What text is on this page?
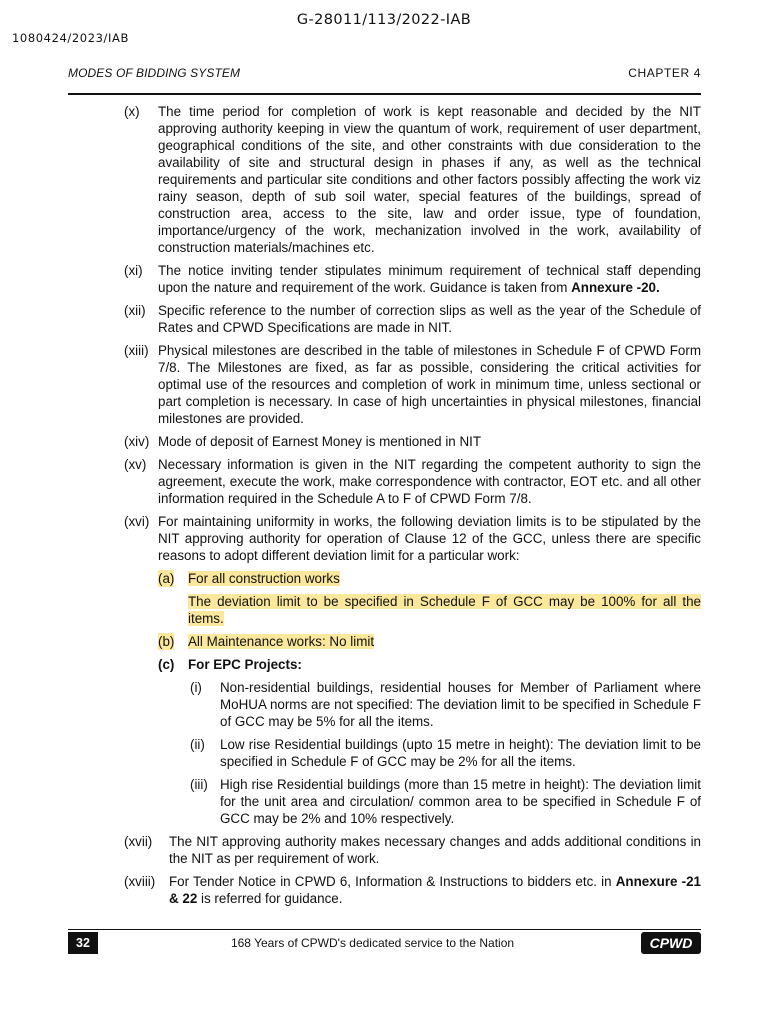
G-28011/113/2022-IAB
1080424/2023/IAB
MODES OF BIDDING SYSTEM	CHAPTER 4
(x) The time period for completion of work is kept reasonable and decided by the NIT approving authority keeping in view the quantum of work, requirement of user department, geographical conditions of the site, and other constraints with due consideration to the availability of site and structural design in phases if any, as well as the technical requirements and particular site conditions and other factors possibly affecting the work viz rainy season, depth of sub soil water, special features of the buildings, spread of construction area, access to the site, law and order issue, type of foundation, importance/urgency of the work, mechanization involved in the work, availability of construction materials/machines etc.
(xi) The notice inviting tender stipulates minimum requirement of technical staff depending upon the nature and requirement of the work. Guidance is taken from Annexure -20.
(xii) Specific reference to the number of correction slips as well as the year of the Schedule of Rates and CPWD Specifications are made in NIT.
(xiii) Physical milestones are described in the table of milestones in Schedule F of CPWD Form 7/8. The Milestones are fixed, as far as possible, considering the critical activities for optimal use of the resources and completion of work in minimum time, unless sectional or part completion is necessary. In case of high uncertainties in physical milestones, financial milestones are provided.
(xiv) Mode of deposit of Earnest Money is mentioned in NIT
(xv) Necessary information is given in the NIT regarding the competent authority to sign the agreement, execute the work, make correspondence with contractor, EOT etc. and all other information required in the Schedule A to F of CPWD Form 7/8.
(xvi) For maintaining uniformity in works, the following deviation limits is to be stipulated by the NIT approving authority for operation of Clause 12 of the GCC, unless there are specific reasons to adopt different deviation limit for a particular work:
(a) For all construction works
The deviation limit to be specified in Schedule F of GCC may be 100% for all the items.
(b) All Maintenance works: No limit
(c) For EPC Projects:
(i) Non-residential buildings, residential houses for Member of Parliament where MoHUA norms are not specified: The deviation limit to be specified in Schedule F of GCC may be 5% for all the items.
(ii) Low rise Residential buildings (upto 15 metre in height): The deviation limit to be specified in Schedule F of GCC may be 2% for all the items.
(iii) High rise Residential buildings (more than 15 metre in height): The deviation limit for the unit area and circulation/ common area to be specified in Schedule F of GCC may be 2% and 10% respectively.
(xvii) The NIT approving authority makes necessary changes and adds additional conditions in the NIT as per requirement of work.
(xviii) For Tender Notice in CPWD 6, Information & Instructions to bidders etc. in Annexure -21 & 22 is referred for guidance.
32	168 Years of CPWD's dedicated service to the Nation	CPWD
